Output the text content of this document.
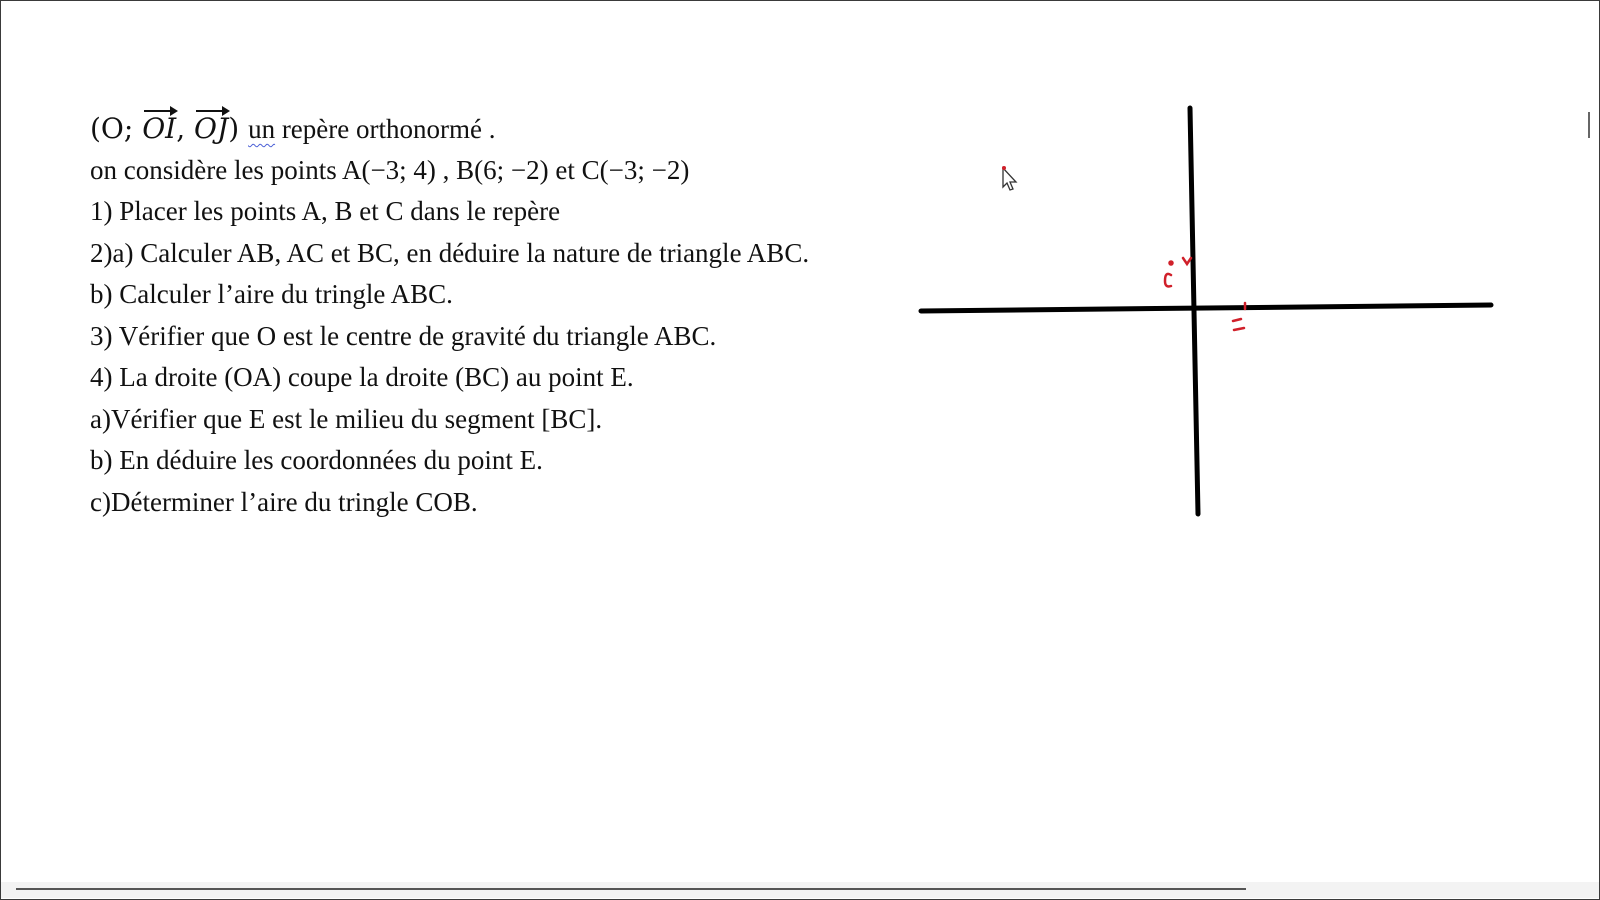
(O; OI, OJ) un repère orthonormé .
on considère les points A(−3; 4) , B(6; −2) et C(−3; −2)
1) Placer les points A, B et C dans le repère
2)a) Calculer AB, AC et BC, en déduire la nature de triangle ABC.
b) Calculer l’aire du tringle ABC.
3) Vérifier que O est le centre de gravité du triangle ABC.
4) La droite (OA) coupe la droite (BC) au point E.
a)Vérifier que E est le milieu du segment [BC].
b) En déduire les coordonnées du point E.
c)Déterminer l’aire du tringle COB.
